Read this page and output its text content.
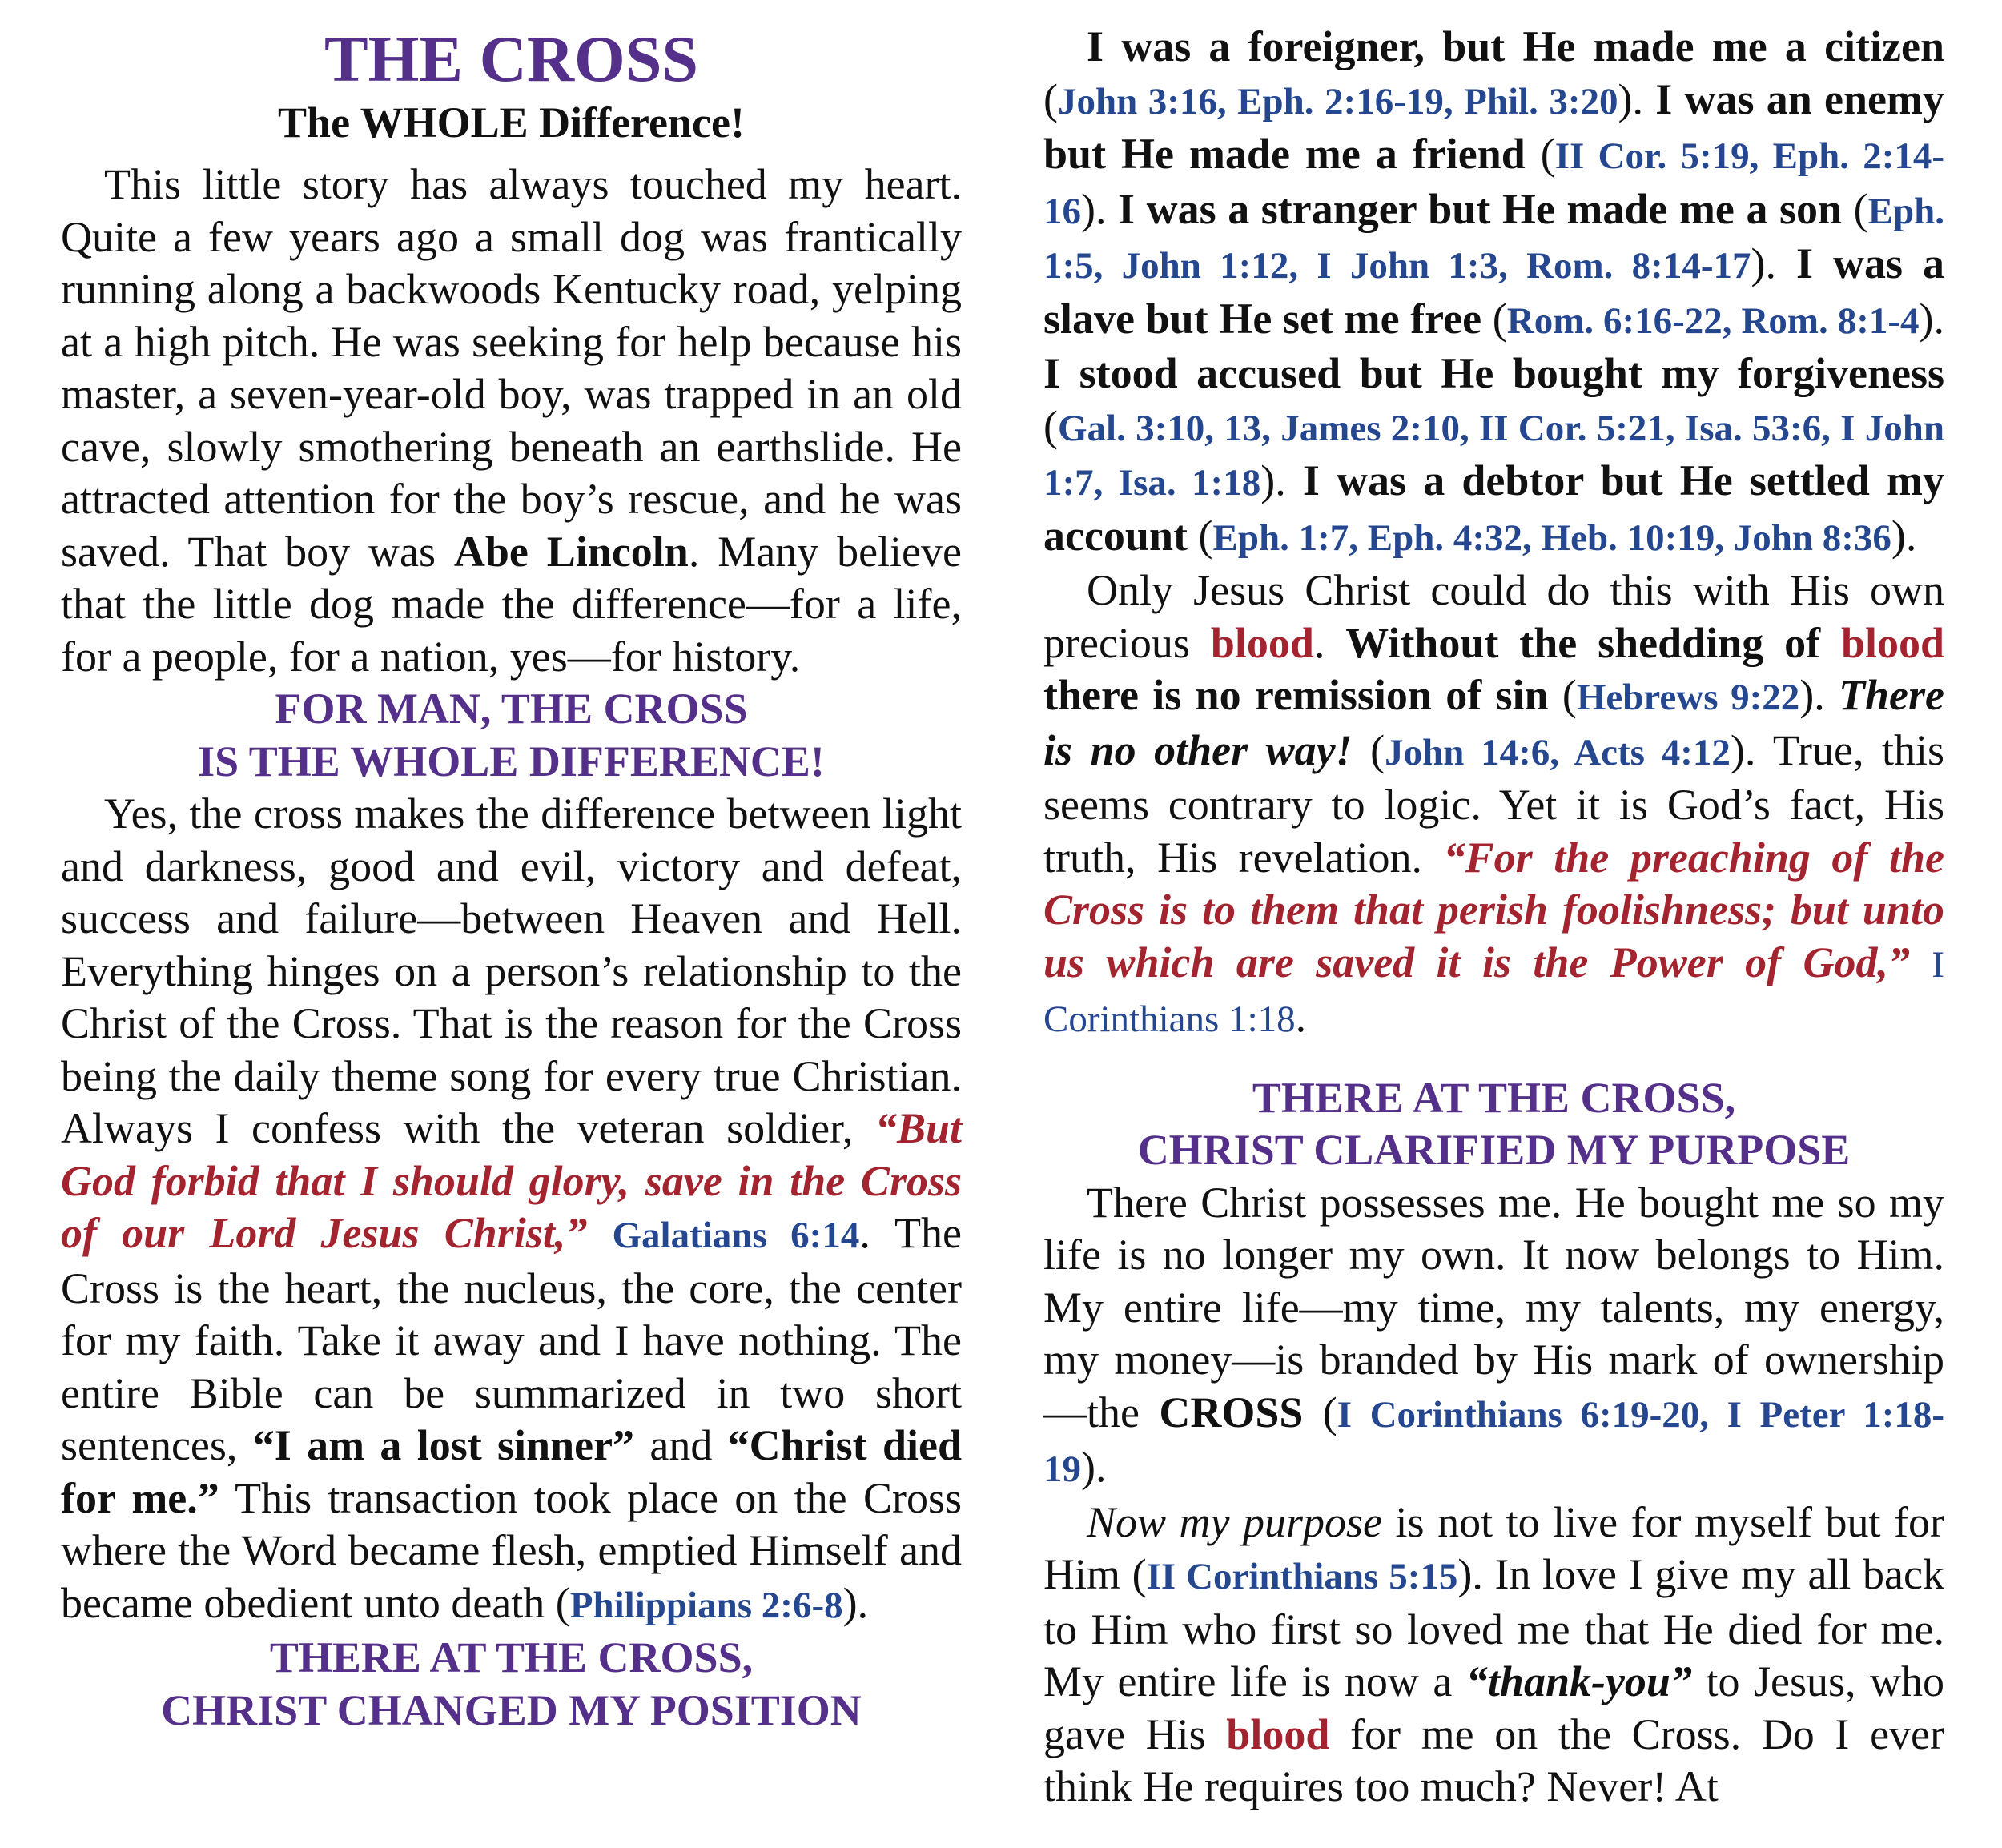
THE CROSS

The WHOLE Difference!

This little story has always touched my heart. Quite a few years ago a small dog was frantically running along a backwoods Kentucky road, yelping at a high pitch. He was seeking for help because his master, a seven-year-old boy, was trapped in an old cave, slowly smothering beneath an earthslide. He attracted attention for the boy’s rescue, and he was saved. That boy was Abe Lincoln. Many believe that the little dog made the difference—for a life, for a people, for a nation, yes—for history.

FOR MAN, THE CROSS
IS THE WHOLE DIFFERENCE!

Yes, the cross makes the difference between light and darkness, good and evil, victory and defeat, success and failure—between Heaven and Hell. Everything hinges on a person’s relationship to the Christ of the Cross. That is the reason for the Cross being the daily theme song for every true Christian. Always I confess with the veteran soldier, “But God forbid that I should glory, save in the Cross of our Lord Jesus Christ,” Galatians 6:14. The Cross is the heart, the nucleus, the core, the center for my faith. Take it away and I have nothing. The entire Bible can be summarized in two short sentences, “I am a lost sinner” and “Christ died for me.” This transaction took place on the Cross where the Word became flesh, emptied Himself and became obedient unto death (Philippians 2:6-8).

THERE AT THE CROSS,
CHRIST CHANGED MY POSITION

I was a foreigner, but He made me a citizen (John 3:16, Eph. 2:16-19, Phil. 3:20). I was an enemy but He made me a friend (II Cor. 5:19, Eph. 2:14-16). I was a stranger but He made me a son (Eph. 1:5, John 1:12, I John 1:3, Rom. 8:14-17). I was a slave but He set me free (Rom. 6:16-22, Rom. 8:1-4). I stood accused but He bought my forgiveness (Gal. 3:10, 13, James 2:10, II Cor. 5:21, Isa. 53:6, I John 1:7, Isa. 1:18). I was a debtor but He settled my account (Eph. 1:7, Eph. 4:32, Heb. 10:19, John 8:36).

Only Jesus Christ could do this with His own precious blood. Without the shedding of blood there is no remission of sin (Hebrews 9:22). There is no other way! (John 14:6, Acts 4:12). True, this seems contrary to logic. Yet it is God’s fact, His truth, His revelation. “For the preaching of the Cross is to them that perish foolishness; but unto us which are saved it is the Power of God,” I Corinthians 1:18.

THERE AT THE CROSS,
CHRIST CLARIFIED MY PURPOSE

There Christ possesses me. He bought me so my life is no longer my own. It now belongs to Him. My entire life—my time, my talents, my energy, my money—is branded by His mark of ownership—the CROSS (I Corinthians 6:19-20, I Peter 1:18-19).

Now my purpose is not to live for myself but for Him (II Corinthians 5:15). In love I give my all back to Him who first so loved me that He died for me. My entire life is now a “thank-you” to Jesus, who gave His blood for me on the Cross. Do I ever think He requires too much? Never! At
